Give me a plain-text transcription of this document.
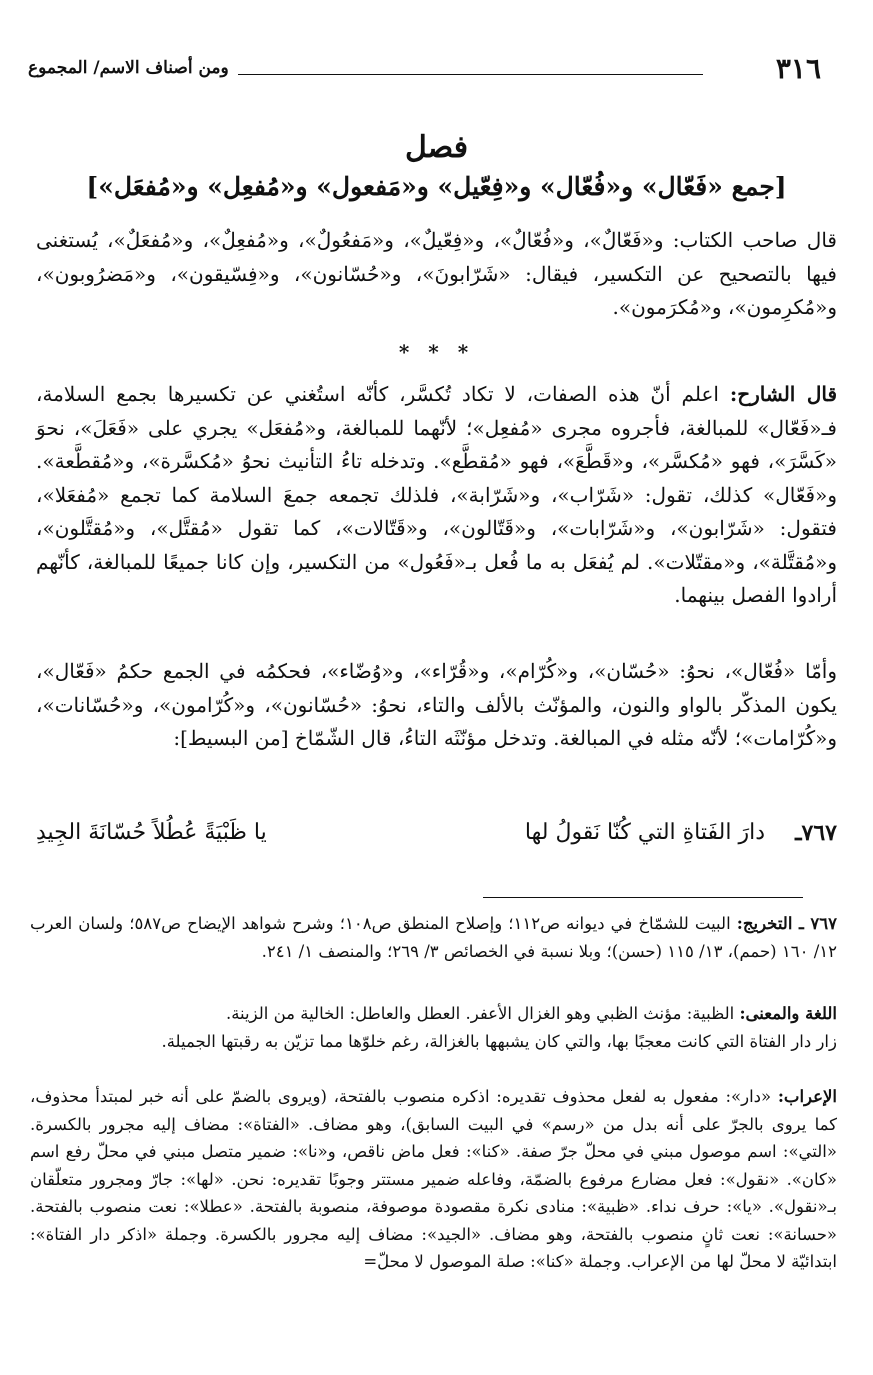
٣١٦
ومن أصناف الاسم/ المجموع
فصل
[جمع «فَعّال» و«فُعّال» و«فِعّيل» و«مَفعول» و«مُفعِل» و«مُفعَل»]
قال صاحب الكتاب: و«فَعّالٌ»، و«فُعّالٌ»، و«فِعّيلٌ»، و«مَفعُولٌ»، و«مُفعِلٌ»، و«مُفعَلٌ»، يُستغنى فيها بالتصحيح عن التكسير، فيقال: «شَرّابونَ»، و«حُسّانون»، و«فِسّيقون»، و«مَضرُوبون»، و«مُكرِمون»، و«مُكرَمون».
* * *
قال الشارح: اعلم أنّ هذه الصفات، لا تكاد تُكسَّر، كأنّه استُغني عن تكسيرها بجمع السلامة، فـ«فَعّال» للمبالغة، فأجروه مجرى «مُفعِل»؛ لأنّهما للمبالغة، و«مُفعَل» يجري على «فَعَلَ»، نحوَ «كَسَّرَ»، فهو «مُكسَّر»، و«قَطَّعَ»، فهو «مُقطَّع». وتدخله تاءُ التأنيث نحوُ «مُكسَّرة»، و«مُقطَّعة». و«فَعّال» كذلك، تقول: «شَرّاب»، و«شَرّابة»، فلذلك تجمعه جمعَ السلامة كما تجمع «مُفعَلا»، فتقول: «شَرّابون»، و«شَرّابات»، و«قَتّالون»، و«قَتّالات»، كما تقول «مُقتَّل»، و«مُقتَّلون»، و«مُقتَّلة»، و«مقتّلات». لم يُفعَل به ما فُعل بـ«فَعُول» من التكسير، وإن كانا جميعًا للمبالغة، كأنّهم أرادوا الفصل بينهما.
وأمّا «فُعّال»، نحوُ: «حُسّان»، و«كُرّام»، و«قُرّاء»، و«وُضّاء»، فحكمُه في الجمع حكمُ «فَعّال»، يكون المذكّر بالواو والنون، والمؤنّث بالألف والتاء، نحوُ: «حُسّانون»، و«كُرّامون»، و«حُسّانات»، و«كُرّامات»؛ لأنّه مثله في المبالغة. وتدخل مؤنّثَه التاءُ، قال الشّمّاخ [من البسيط]:
٧٦٧ـ
دارَ الفَتاةِ التي كُنّا نَقولُ لها
يا ظَبْيَةً عُطُلاً حُسّانَةَ الجِيدِ
٧٦٧ ـ التخريج: البيت للشمّاخ في ديوانه ص١١٢؛ وإصلاح المنطق ص١٠٨؛ وشرح شواهد الإيضاح ص٥٨٧؛ ولسان العرب ١٢/ ١٦٠ (حمم)، ١٣/ ١١٥ (حسن)؛ وبلا نسبة في الخصائص ٣/ ٢٦٩؛ والمنصف ١/ ٢٤١.
اللغة والمعنى: الظبية: مؤنث الظبي وهو الغزال الأعفر. العطل والعاطل: الخالية من الزينة.
زار دار الفتاة التي كانت معجبًا بها، والتي كان يشبهها بالغزالة، رغم خلوّها مما تزيّن به رقبتها الجميلة.
الإعراب: «دار»: مفعول به لفعل محذوف تقديره: اذكره منصوب بالفتحة، (ويروى بالضمّ على أنه خبر لمبتدأ محذوف، كما يروى بالجرّ على أنه بدل من «رسم» في البيت السابق)، وهو مضاف. «الفتاة»: مضاف إليه مجرور بالكسرة. «التي»: اسم موصول مبني في محلّ جرّ صفة. «كنا»: فعل ماض ناقص، و«نا»: ضمير متصل مبني في محلّ رفع اسم «كان». «نقول»: فعل مضارع مرفوع بالضمّة، وفاعله ضمير مستتر وجوبًا تقديره: نحن. «لها»: جارّ ومجرور متعلّقان بـ«نقول». «يا»: حرف نداء. «ظبية»: منادى نكرة مقصودة موصوفة، منصوبة بالفتحة. «عطلا»: نعت منصوب بالفتحة. «حسانة»: نعت ثانٍ منصوب بالفتحة، وهو مضاف. «الجيد»: مضاف إليه مجرور بالكسرة. وجملة «اذكر دار الفتاة»: ابتدائيّة لا محلّ لها من الإعراب. وجملة «كنا»: صلة الموصول لا محلّ=
